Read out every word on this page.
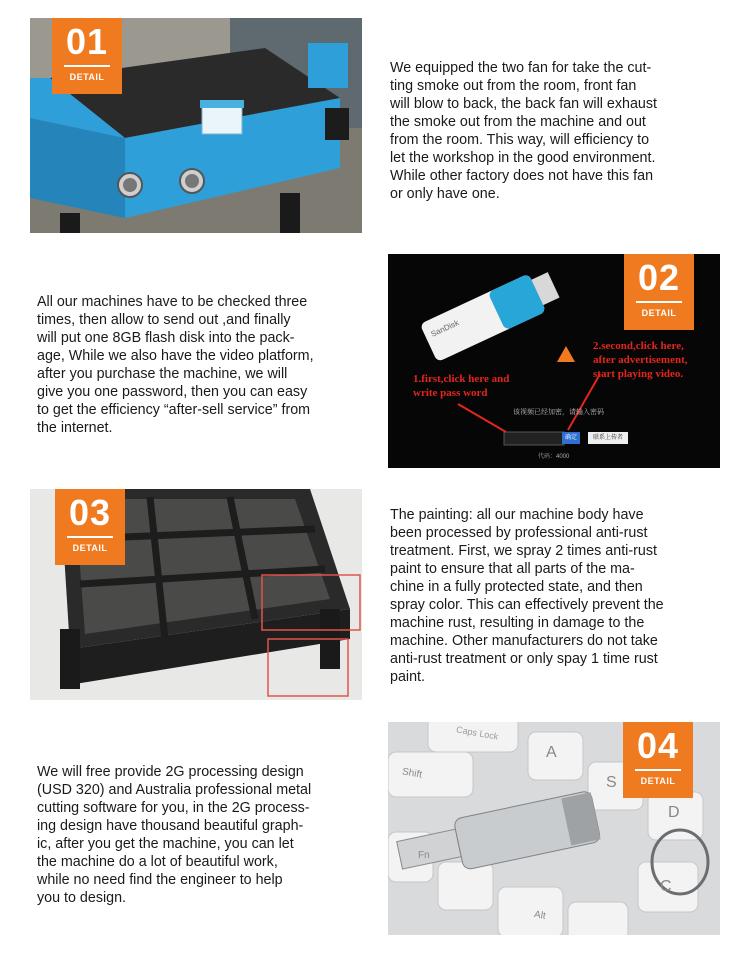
01
DETAIL
We equipped the two fan for take the cut-
ting smoke out from the room, front fan
will blow to back, the back fan will exhaust
the smoke out from the machine and out
from the room. This way, will efficiency to
let the workshop in the good environment.
While other factory does not have this fan
or only have one.
All our machines have to be checked three
times, then allow to send out ,and finally
will put one 8GB flash disk into the pack-
age, While we also have the video platform,
after you purchase the machine, we will
give you one password, then you can easy
to get the efficiency “after-sell service” from
the internet.
SanDisk
2.second,click here,
after advertisement,
start playing video.
1.first,click here and
write pass word
该视频已经加密，请输入密码
确定	联系上传者
代码：4000
02
DETAIL
03
DETAIL
The painting: all our machine body have
been processed by professional anti-rust
treatment. First, we spray 2 times anti-rust
paint to ensure that all parts of the ma-
chine in a fully protected state, and then
spray color. This can effectively prevent the
machine rust, resulting in damage to the
machine. Other manufacturers do not take
anti-rust treatment or only spay 1 time rust
paint.
We will free provide 2G processing design
(USD 320) and Australia professional metal
cutting software for you, in the 2G process-
ing design have thousand beautiful graph-
ic, after you get the machine, you can let
the machine do a lot of beautiful work,
while no need find the engineer to help
you to design.
Caps Lock
Shift
A
S
D
C
Fn
Alt
04
DETAIL
